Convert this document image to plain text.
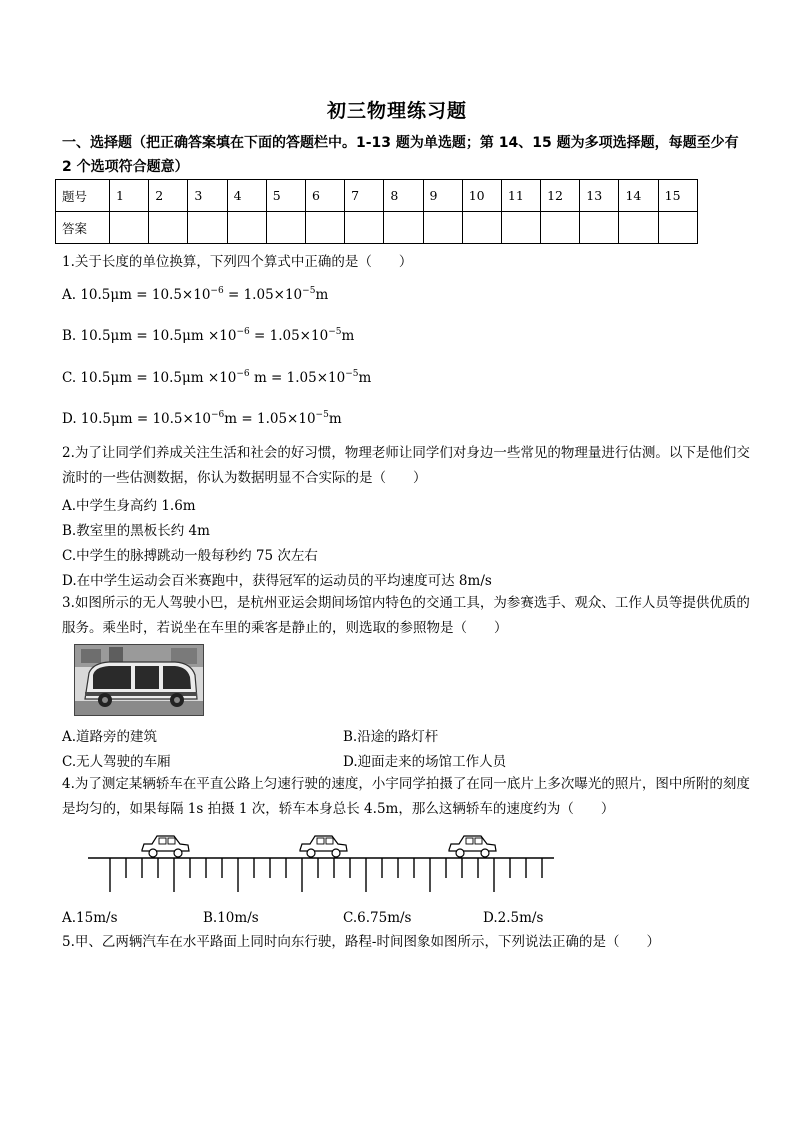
初三物理练习题
一、选择题（把正确答案填在下面的答题栏中。1-13 题为单选题；第 14、15 题为多项选择题，每题至少有 2 个选项符合题意）
题号	1	2	3	4	5	6	7	8	9	10	11	12	13	14	15
答案															
1.关于长度的单位换算，下列四个算式中正确的是（　　）
A. $10.5\mu m = 10.5\times 10^{-6} = 1.05\times 10^{-5}m$
B. $10.5\mu m = 10.5\mu m \times 10^{-6} = 1.05\times 10^{-5}m$
C. $10.5\mu m = 10.5\mu m \times 10^{-6}$ $m = 1.05\times 10^{-5}m$
D. $10.5\mu m = 10.5\times 10^{-6}m = 1.05\times 10^{-5}m$
2.为了让同学们养成关注生活和社会的好习惯，物理老师让同学们对身边一些常见的物理量进行估测。以下是他们交流时的一些估测数据，你认为数据明显不合实际的是（　　）
A.中学生身高约 1.6m
B.教室里的黑板长约 4m
C.中学生的脉搏跳动一般每秒约 75 次左右
D.在中学生运动会百米赛跑中，获得冠军的运动员的平均速度可达 8m/s
3.如图所示的无人驾驶小巴，是杭州亚运会期间场馆内特色的交通工具，为参赛选手、观众、工作人员等提供优质的服务。乘坐时，若说坐在车里的乘客是静止的，则选取的参照物是（　　）
A.道路旁的建筑	B.沿途的路灯杆
C.无人驾驶的车厢	D.迎面走来的场馆工作人员
4.为了测定某辆轿车在平直公路上匀速行驶的速度，小宇同学拍摄了在同一底片上多次曝光的照片，图中所附的刻度是均匀的，如果每隔 1s 拍摄 1 次，轿车本身总长 4.5m，那么这辆轿车的速度约为（　　）
A.15m/s	B.10m/s	C.6.75m/s	D.2.5m/s
5.甲、乙两辆汽车在水平路面上同时向东行驶，路程-时间图象如图所示，下列说法正确的是（　　）
